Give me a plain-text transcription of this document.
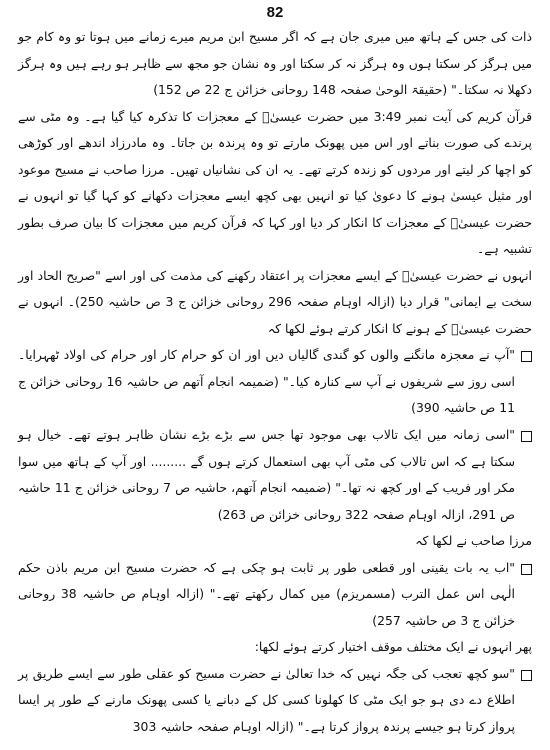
82

ذات کی جس کے ہاتھ میں میری جان ہے کہ اگر مسیح ابن مریم میرے زمانے میں ہوتا تو وہ کام جو میں ہرگز کر سکتا ہوں وہ ہرگز نہ کر سکتا اور وہ نشان جو مجھ سے ظاہر ہو رہے ہیں وہ ہرگز دکھلا نہ سکتا۔" (حقیقۃ الوحیٰ صفحہ 148 روحانی خزائن ج 22 ص 152)

قرآن کریم کی آیت نمبر 3:49 میں حضرت عیسیٰؑ کے معجزات کا تذکرہ کیا گیا ہے۔ وہ مٹی سے پرندے کی صورت بناتے اور اس میں پھونک مارتے تو وہ پرندہ بن جاتا۔ وہ مادرزاد اندھے اور کوڑھی کو اچھا کر لیتے اور مردوں کو زندہ کرتے تھے۔ یہ ان کی نشانیاں تھیں۔ مرزا صاحب نے مسیح موعود اور مثیل عیسیٰ ہونے کا دعویٰ کیا تو انہیں بھی کچھ ایسے معجزات دکھانے کو کہا گیا تو انہوں نے حضرت عیسیٰؑ کے معجزات کا انکار کر دیا اور کہا کہ قرآن کریم میں معجزات کا بیان صرف بطور تشبیہ ہے۔

انہوں نے حضرت عیسیٰؑ کے ایسے معجزات پر اعتقاد رکھنے کی مذمت کی اور اسے "صریح الحاد اور سخت بے ایمانی" قرار دیا (ازالہ اوہام صفحہ 296 روحانی خزائن ج 3 ص حاشیہ 250)۔ انہوں نے حضرت عیسیٰؑ کے ہونے کا انکار کرتے ہوئے لکھا کہ

"آپ نے معجزہ مانگنے والوں کو گندی گالیاں دیں اور ان کو حرام کار اور حرام کی اولاد ٹھہرایا۔ اسی روز سے شریفوں نے آپ سے کنارہ کیا۔" (ضمیمہ انجام آتھم ص حاشیہ 16 روحانی خزائن ج 11 ص حاشیہ 390)
"اسی زمانہ میں ایک تالاب بھی موجود تھا جس سے بڑے بڑے نشان ظاہر ہوتے تھے۔ خیال ہو سکتا ہے کہ اس تالاب کی مٹی آپ بھی استعمال کرتے ہوں گے ......... اور آپ کے ہاتھ میں سوا مکر اور فریب کے اور کچھ نہ تھا۔" (ضمیمہ انجام آتھم، حاشیہ ص 7 روحانی خزائن ج 11 حاشیہ ص 291، ازالہ اوہام صفحہ 322 روحانی خزائن ص 263)

مرزا صاحب نے لکھا کہ

"اب یہ بات یقینی اور قطعی طور پر ثابت ہو چکی ہے کہ حضرت مسیح ابن مریم باذن حکم الٰہی اس عمل الترب (مسمریزم) میں کمال رکھتے تھے۔" (ازالہ اوہام ص حاشیہ 38 روحانی خزائن ج 3 ص حاشیہ 257)

پھر انہوں نے ایک مختلف موقف اختیار کرتے ہوئے لکھا:

"سو کچھ تعجب کی جگہ نہیں کہ خدا تعالیٰ نے حضرت مسیح کو عقلی طور سے ایسے طریق پر اطلاع دے دی ہو جو ایک مٹی کا کھلونا کسی کل کے دبانے یا کسی پھونک مارنے کے طور پر ایسا پرواز کرتا ہو جیسے پرندہ پرواز کرتا ہے۔" (ازالہ اوہام صفحہ حاشیہ 303
